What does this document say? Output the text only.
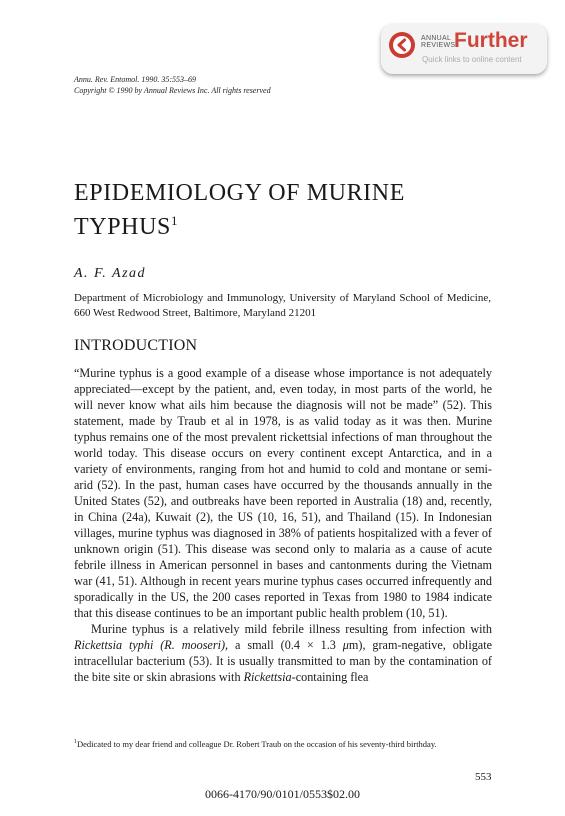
ANNUAL
REVIEWS
Further
Quick links to online content
Annu. Rev. Entomol. 1990. 35:553–69
Copyright © 1990 by Annual Reviews Inc. All rights reserved
EPIDEMIOLOGY OF MURINE
TYPHUS$^1$
A. F. Azad
Department of Microbiology and Immunology, University of Maryland School of Medicine, 660 West Redwood Street, Baltimore, Maryland 21201
INTRODUCTION

“Murine typhus is a good example of a disease whose importance is not adequately appreciated—except by the patient, and, even today, in most parts of the world, he will never know what ails him because the diagnosis will not be made” (52). This statement, made by Traub et al in 1978, is as valid today as it was then. Murine typhus remains one of the most prevalent rickettsial infections of man throughout the world today. This disease occurs on every continent except Antarctica, and in a variety of environments, ranging from hot and humid to cold and montane or semi-arid (52). In the past, human cases have occurred by the thousands annually in the United States (52), and outbreaks have been reported in Australia (18) and, recently, in China (24a), Kuwait (2), the US (10, 16, 51), and Thailand (15). In Indonesian villages, murine typhus was diagnosed in 38% of patients hospitalized with a fever of unknown origin (51). This disease was second only to malaria as a cause of acute febrile illness in American personnel in bases and cantonments during the Vietnam war (41, 51). Although in recent years murine typhus cases occurred infrequently and sporadically in the US, the 200 cases reported in Texas from 1980 to 1984 indicate that this disease continues to be an important public health problem (10, 51).

Murine typhus is a relatively mild febrile illness resulting from infection with Rickettsia typhi (R. mooseri), a small (0.4 × 1.3 μm), gram-negative, obligate intracellular bacterium (53). It is usually transmitted to man by the contamination of the bite site or skin abrasions with Rickettsia-containing flea

$^1$Dedicated to my dear friend and colleague Dr. Robert Traub on the occasion of his seventy-third birthday.
553
0066-4170/90/0101/0553$02.00
